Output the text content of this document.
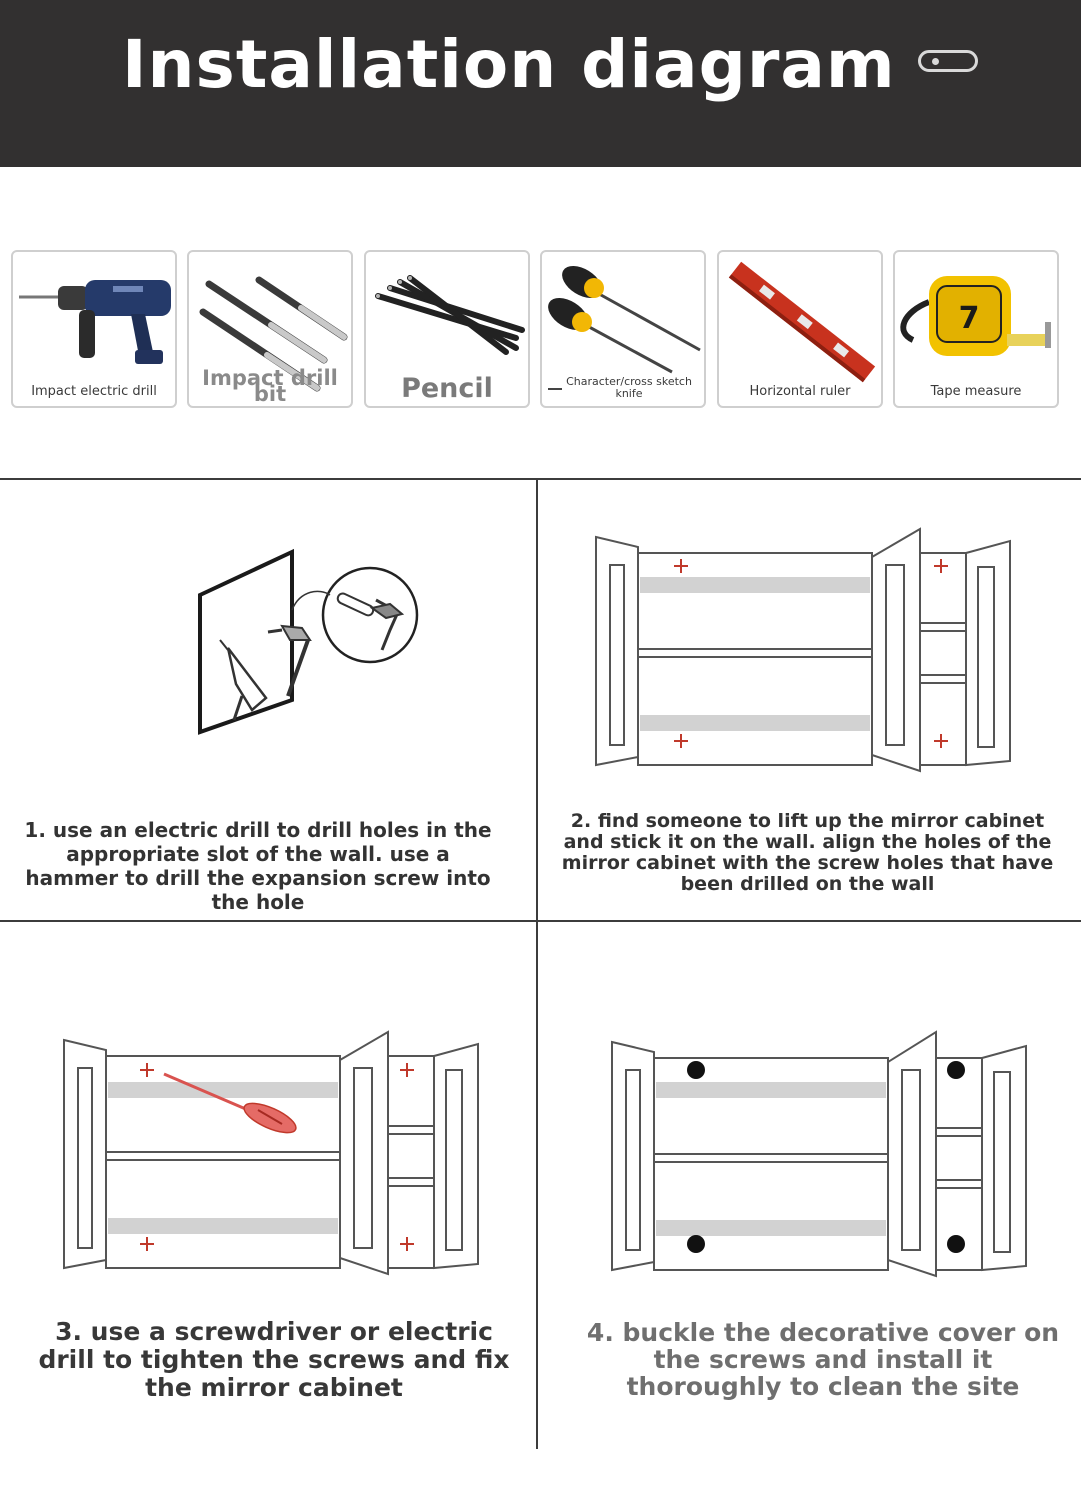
Installation diagram
Impact electric drill
Impact drill bit	Pencil	Character/cross sketch knife	Horizontal ruler
7
Tape measure
1. use an electric drill to drill holes in the appropriate slot of the wall. use a hammer to drill the expansion screw into the hole
2. find someone to lift up the mirror cabinet and stick it on the wall. align the holes of the mirror cabinet with the screw holes that have been drilled on the wall
3. use a screwdriver or electric drill to tighten the screws and fix the mirror cabinet
4. buckle the decorative cover on the screws and install it thoroughly to clean the site
